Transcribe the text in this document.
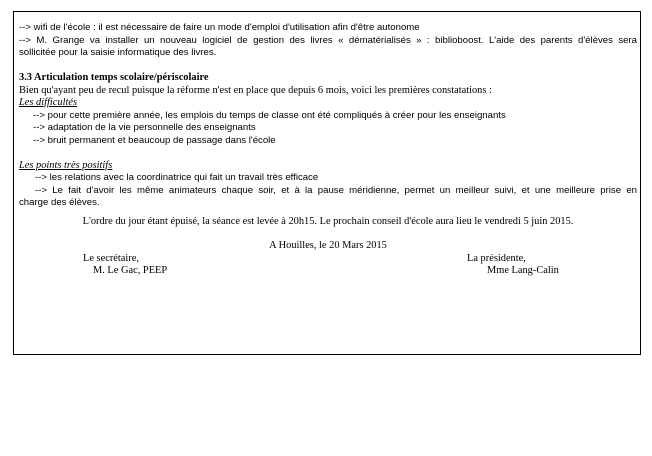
--> wifi de l'école : il est nécessaire de faire un mode d'emploi d'utilisation afin d'être autonome

--> M. Grange va installer un nouveau logiciel de gestion des livres « dématérialisés » : biblioboost. L'aide des parents d'élèves sera

sollicitée pour la saisie informatique des livres.

3.3 Articulation temps scolaire/périscolaire

Bien qu'ayant peu de recul puisque la réforme n'est en place que depuis 6 mois, voici les premières constatations :

Les difficultés

--> pour cette première année, les emplois du temps de classe ont été compliqués à créer pour les enseignants

--> adaptation de la vie personnelle des enseignants

--> bruit permanent et beaucoup de passage dans l'école

Les points très positifs

--> les relations avec la coordinatrice qui fait un travail très efficace

--> Le fait d'avoir les même animateurs chaque soir, et à la pause méridienne, permet un meilleur suivi, et une meilleure prise en

charge des élèves.

L'ordre du jour étant épuisé, la séance est levée à 20h15. Le prochain conseil d'école aura lieu le vendredi 5 juin 2015.

A Houilles, le 20 Mars 2015

Le secrétaire,

M. Le Gac, PEEP

La présidente,

Mme Lang-Calin
